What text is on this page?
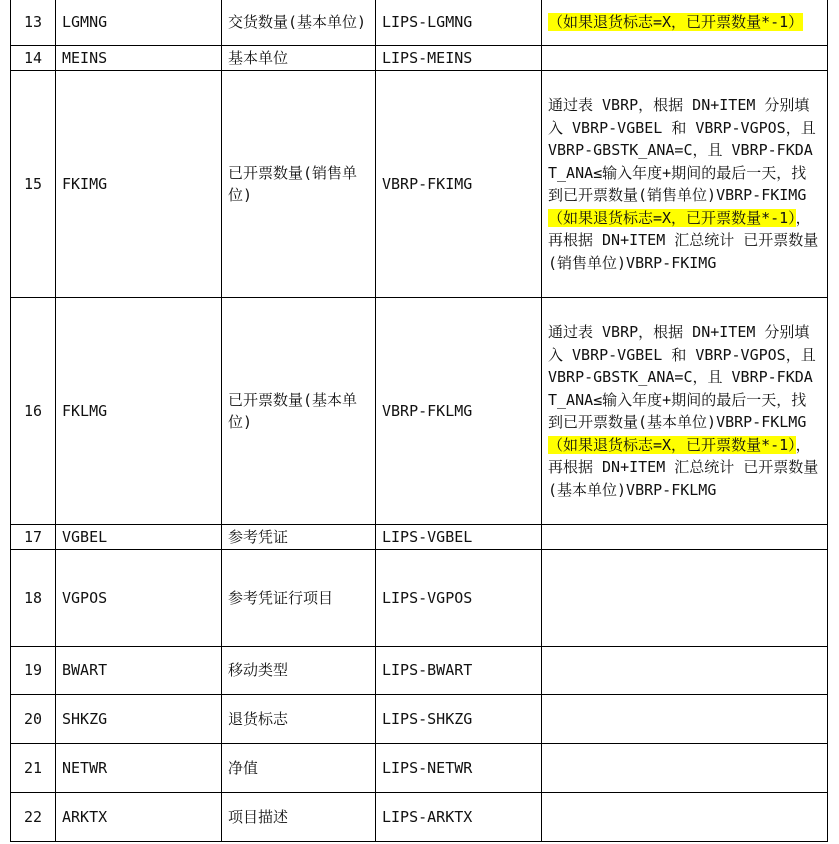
13	LGMNG	交货数量(基本单位)	LIPS-LGMNG	（如果退货标志=X，已开票数量*-1）
14	MEINS	基本单位	LIPS-MEINS	
15	FKIMG	已开票数量(销售单位)	VBRP-FKIMG	通过表 VBRP，根据 DN+ITEM 分别填入 VBRP-VGBEL 和 VBRP-VGPOS，且 VBRP-GBSTK_ANA=C，且 VBRP-FKDAT_ANA≤输入年度+期间的最后一天，找到已开票数量(销售单位)VBRP-FKIMG（如果退货标志=X，已开票数量*-1），再根据 DN+ITEM 汇总统计 已开票数量(销售单位)VBRP-FKIMG
16	FKLMG	已开票数量(基本单位)	VBRP-FKLMG	通过表 VBRP，根据 DN+ITEM 分别填入 VBRP-VGBEL 和 VBRP-VGPOS，且 VBRP-GBSTK_ANA=C，且 VBRP-FKDAT_ANA≤输入年度+期间的最后一天，找到已开票数量(基本单位)VBRP-FKLMG（如果退货标志=X，已开票数量*-1），再根据 DN+ITEM 汇总统计 已开票数量(基本单位)VBRP-FKLMG
17	VGBEL	参考凭证	LIPS-VGBEL	
18	VGPOS	参考凭证行项目	LIPS-VGPOS	
19	BWART	移动类型	LIPS-BWART	
20	SHKZG	退货标志	LIPS-SHKZG	
21	NETWR	净值	LIPS-NETWR	
22	ARKTX	项目描述	LIPS-ARKTX	
